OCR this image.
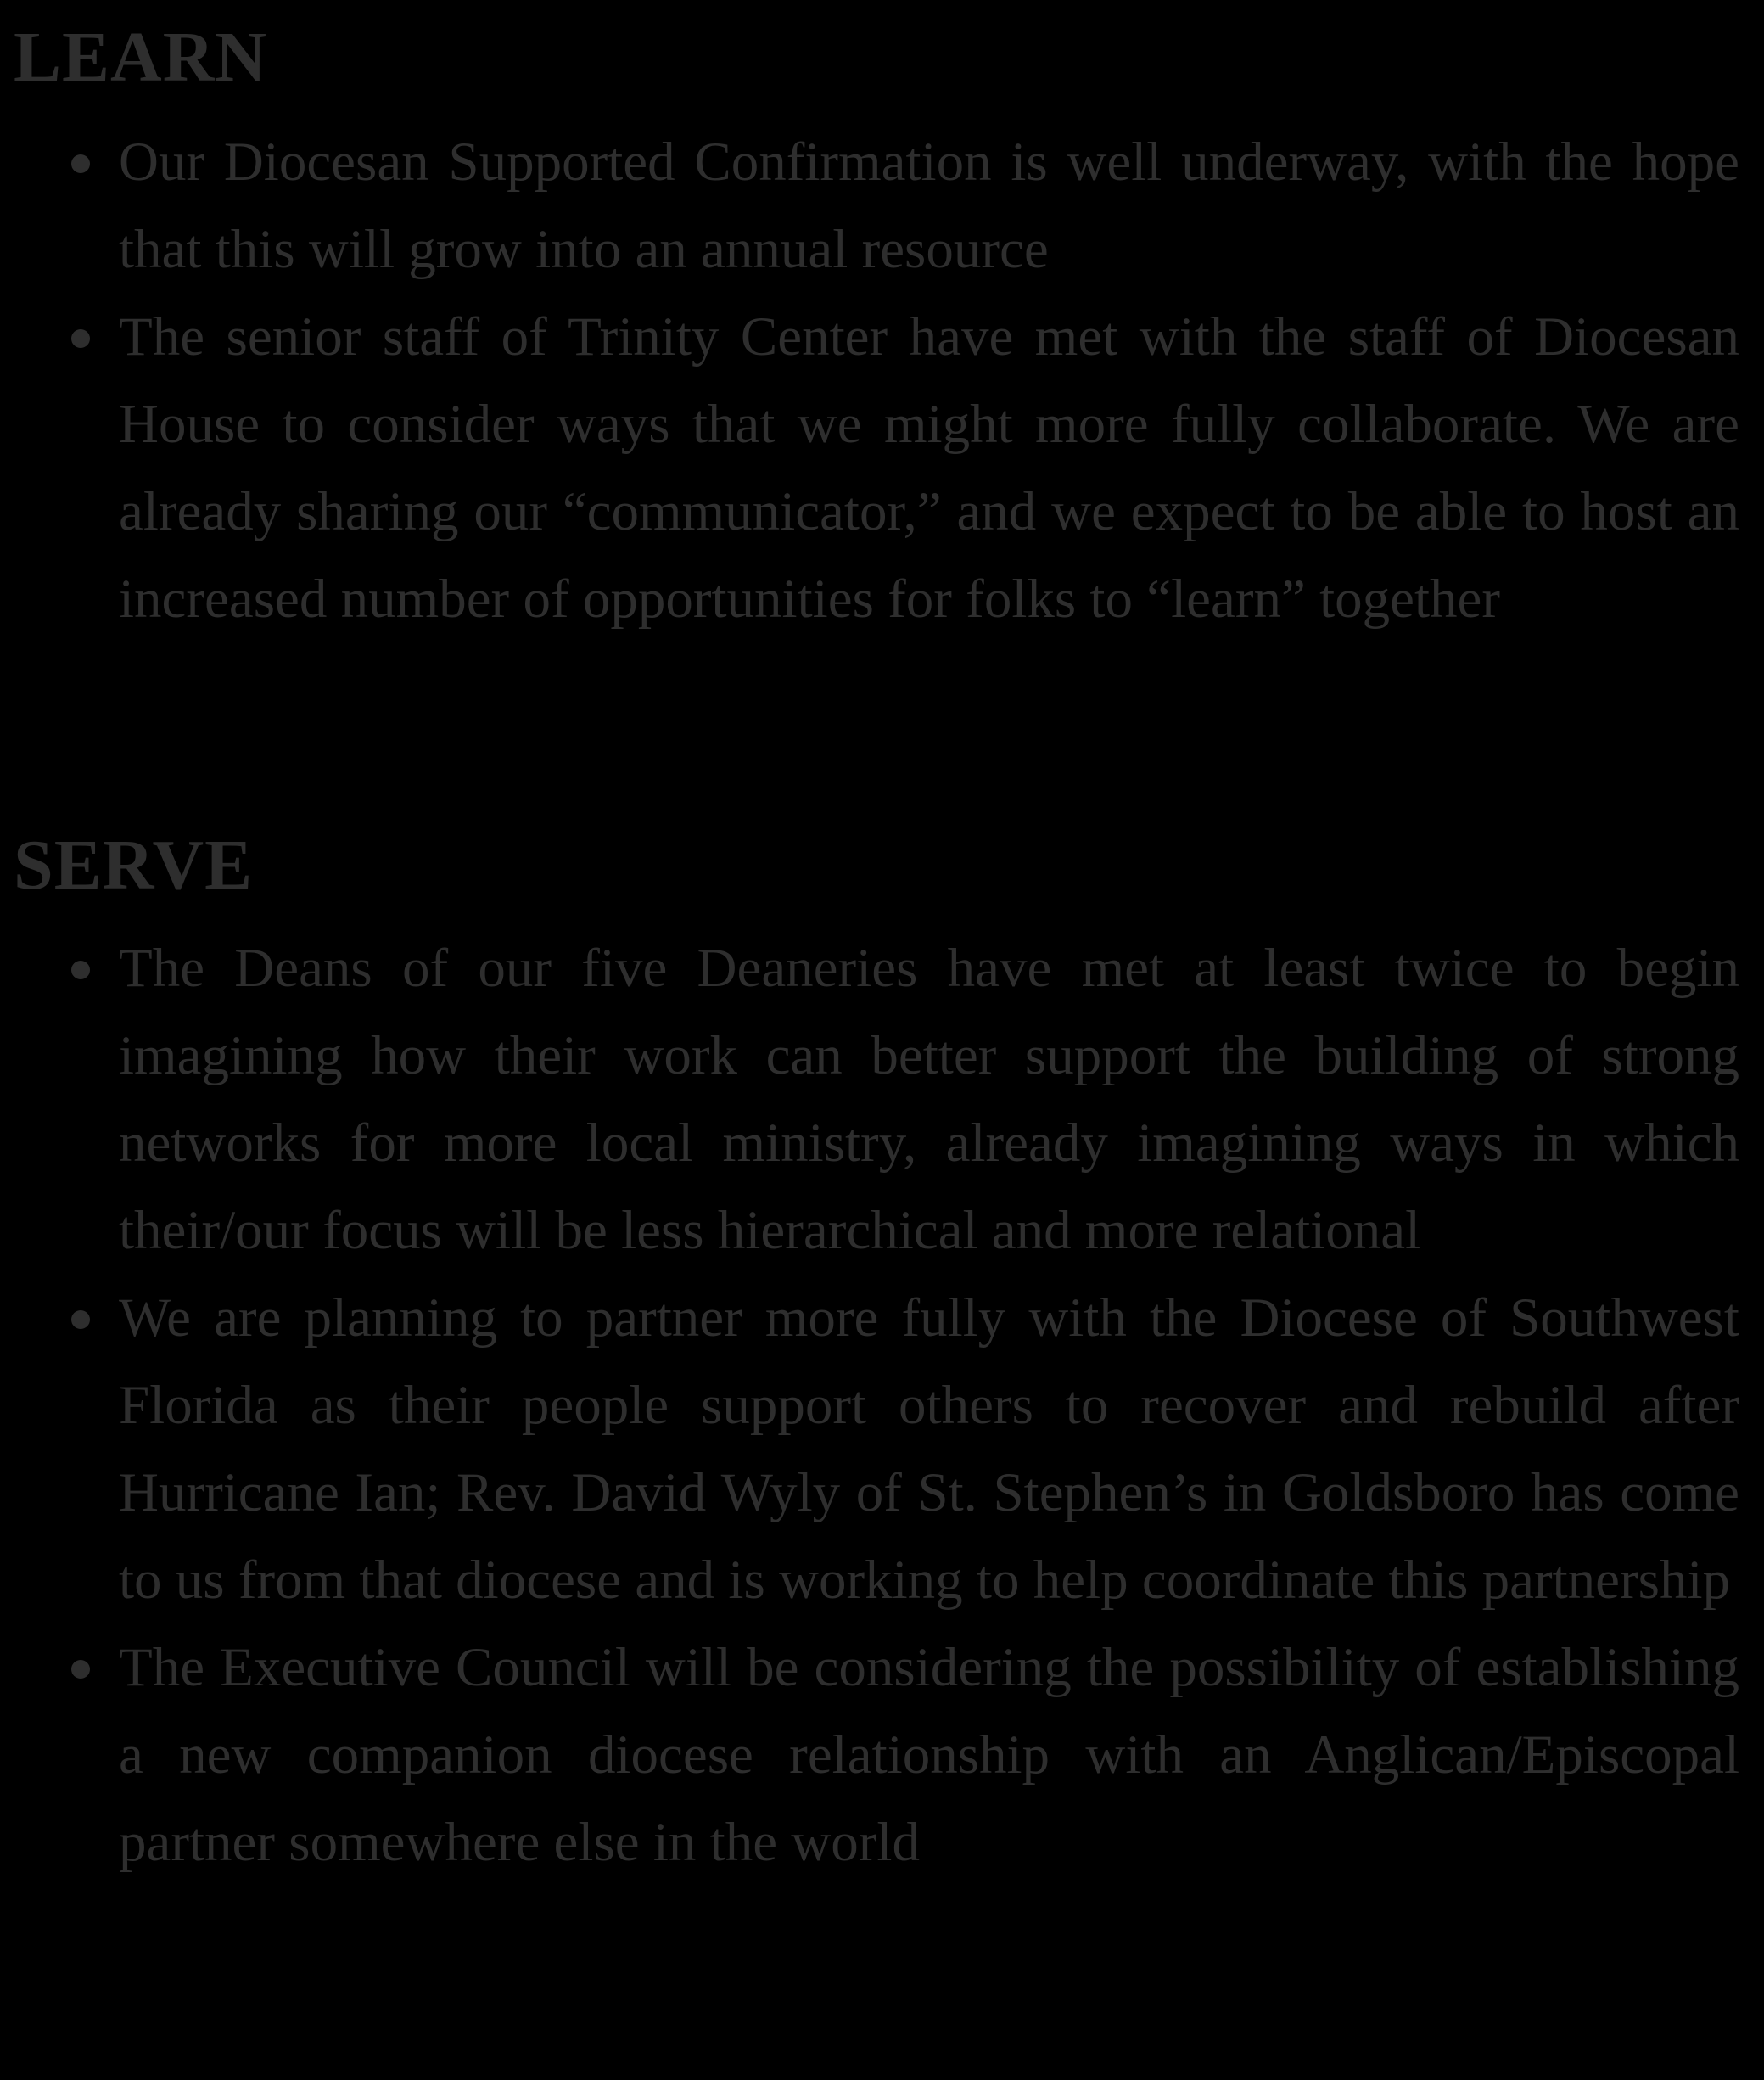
LEARN
Our Diocesan Supported Confirmation is well underway, with the hope that this will grow into an annual resource
The senior staff of Trinity Center have met with the staff of Diocesan House to consider ways that we might more fully collaborate. We are already sharing our “communicator,” and we expect to be able to host an increased number of opportunities for folks to “learn” together
SERVE
The Deans of our five Deaneries have met at least twice to begin imagining how their work can better support the building of strong networks for more local ministry, already imagining ways in which their/our focus will be less hierarchical and more relational
We are planning to partner more fully with the Diocese of Southwest Florida as their people support others to recover and rebuild after Hurricane Ian; Rev. David Wyly of St. Stephen’s in Goldsboro has come to us from that diocese and is working to help coordinate this partnership
The Executive Council will be considering the possibility of establishing a new companion diocese relationship with an Anglican/Episcopal partner somewhere else in the world
